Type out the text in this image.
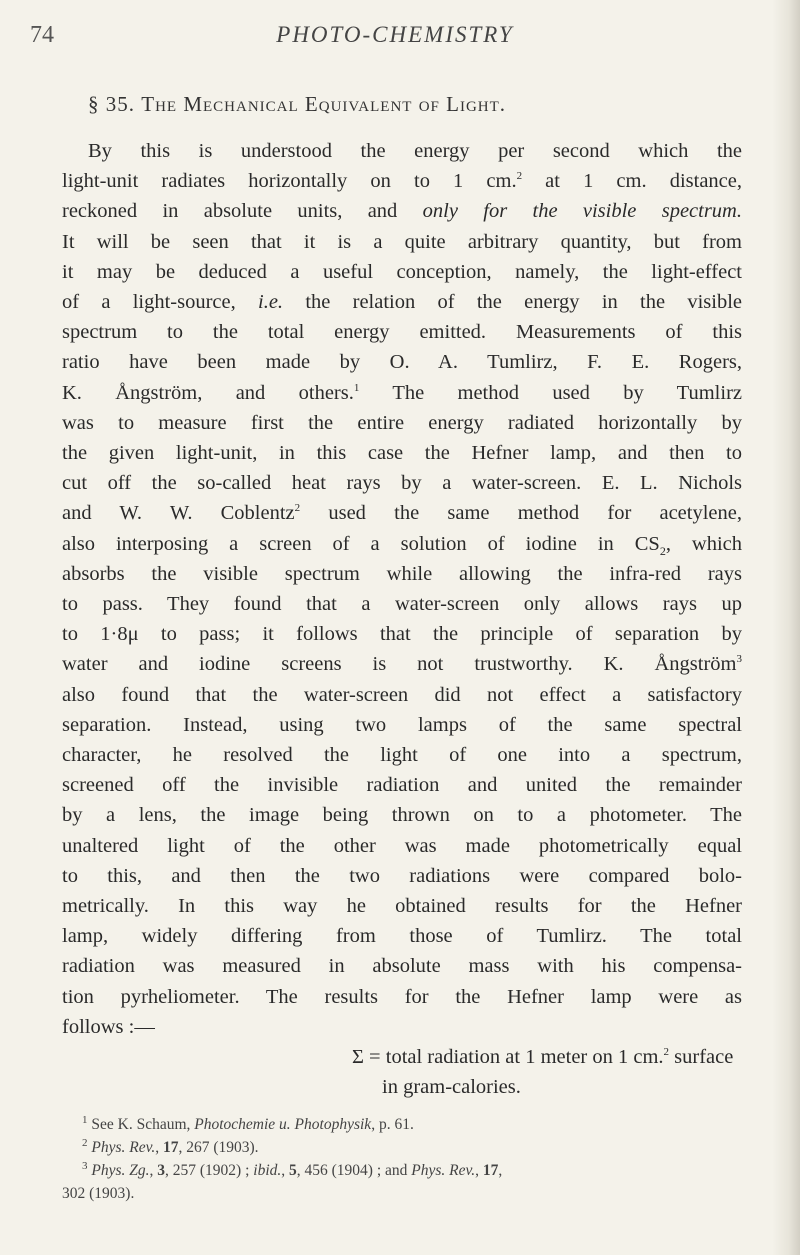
74	PHOTO-CHEMISTRY
§ 35. The Mechanical Equivalent of Light.
By this is understood the energy per second which the
light-unit radiates horizontally on to 1 cm.$^2$ at 1 cm. distance,
reckoned in absolute units, and only for the visible spectrum.
It will be seen that it is a quite arbitrary quantity, but from
it may be deduced a useful conception, namely, the light-effect
of a light-source, i.e. the relation of the energy in the visible
spectrum to the total energy emitted. Measurements of this
ratio have been made by O. A. Tumlirz, F. E. Rogers,
K. Ångström, and others.$^1$ The method used by Tumlirz
was to measure first the entire energy radiated horizontally by
the given light-unit, in this case the Hefner lamp, and then to
cut off the so-called heat rays by a water-screen. E. L. Nichols
and W. W. Coblentz$^2$ used the same method for acetylene,
also interposing a screen of a solution of iodine in $CS_2$, which
absorbs the visible spectrum while allowing the infra-red rays
to pass. They found that a water-screen only allows rays up
to 1·8μ to pass; it follows that the principle of separation by
water and iodine screens is not trustworthy. K. Ångström$^3$
also found that the water-screen did not effect a satisfactory
separation. Instead, using two lamps of the same spectral
character, he resolved the light of one into a spectrum,
screened off the invisible radiation and united the remainder
by a lens, the image being thrown on to a photometer. The
unaltered light of the other was made photometrically equal
to this, and then the two radiations were compared bolo-
metrically. In this way he obtained results for the Hefner
lamp, widely differing from those of Tumlirz. The total
radiation was measured in absolute mass with his compensa-
tion pyrheliometer. The results for the Hefner lamp were as
follows :—
Σ = total radiation at 1 meter on 1 cm.$^2$ surface
in gram-calories.
$^1$ See K. Schaum, Photochemie u. Photophysik, p. 61.
$^2$ Phys. Rev., 17, 267 (1903).
$^3$ Phys. Zg., 3, 257 (1902) ; ibid., 5, 456 (1904) ; and Phys. Rev., 17,
302 (1903).
